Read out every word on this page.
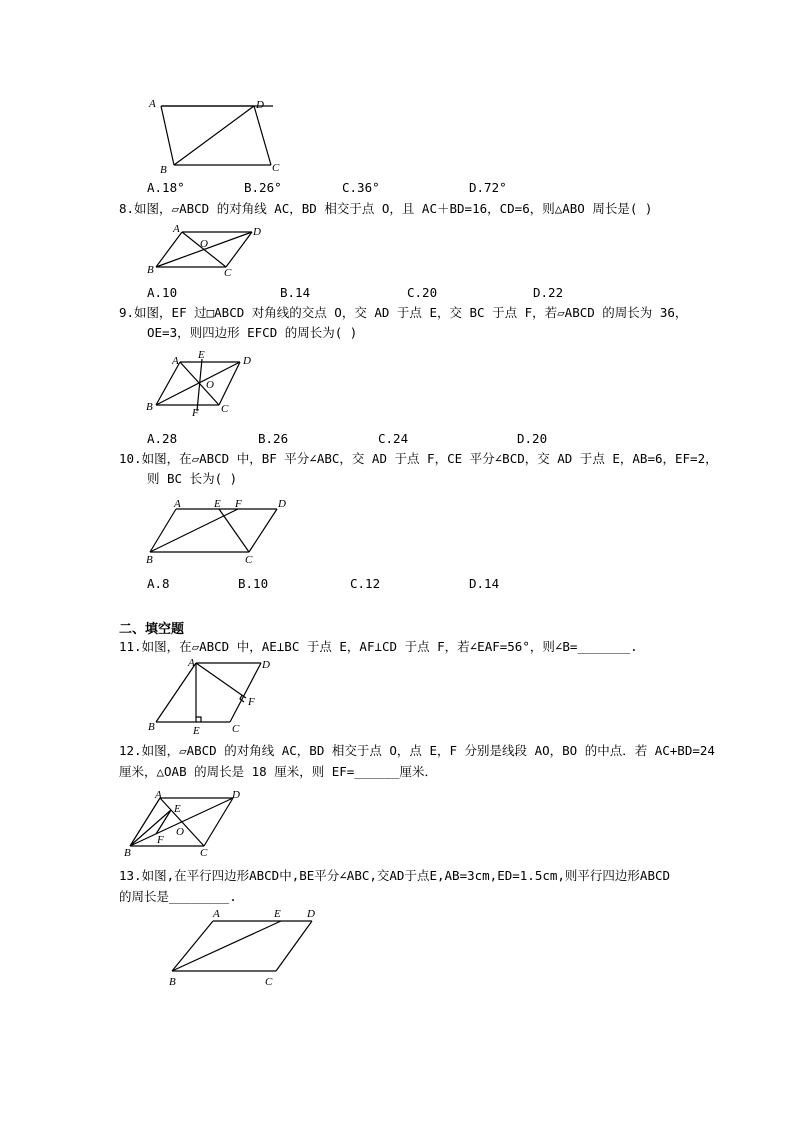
A	D
B	C
A.18°	B.26°	C.36°	D.72°
8.如图，▱ABCD 的对角线 AC，BD 相交于点 O，且 AC＋BD=16，CD=6，则△ABO 周长是( )
A	D
B	C
O
A.10	B.14	C.20	D.22
9.如图，EF 过□ABCD 对角线的交点 O，交 AD 于点 E，交 BC 于点 F，若▱ABCD 的周长为 36，
OE=3，则四边形 EFCD 的周长为( )
A E	D
B	F C
O
A.28	B.26	C.24	D.20
10.如图，在▱ABCD 中，BF 平分∠ABC，交 AD 于点 F，CE 平分∠BCD，交 AD 于点 E，AB=6，EF=2，
则 BC 长为( )
A	E F	D
B	C
A.8	B.10	C.12	D.14
二、填空题
11.如图，在▱ABCD 中，AE⊥BC 于点 E，AF⊥CD 于点 F，若∠EAF=56°，则∠B=_______.
A	D
F
B	E	C
12.如图，▱ABCD 的对角线 AC，BD 相交于点 O，点 E，F 分别是线段 AO，BO 的中点．若 AC+BD=24
厘米，△OAB 的周长是 18 厘米，则 EF=______厘米．
A	D
E
O
F
B	C
13.如图,在平行四边形ABCD中,BE平分∠ABC,交AD于点E,AB=3cm,ED=1.5cm,则平行四边形ABCD
的周长是________.
A	E D
B	C
